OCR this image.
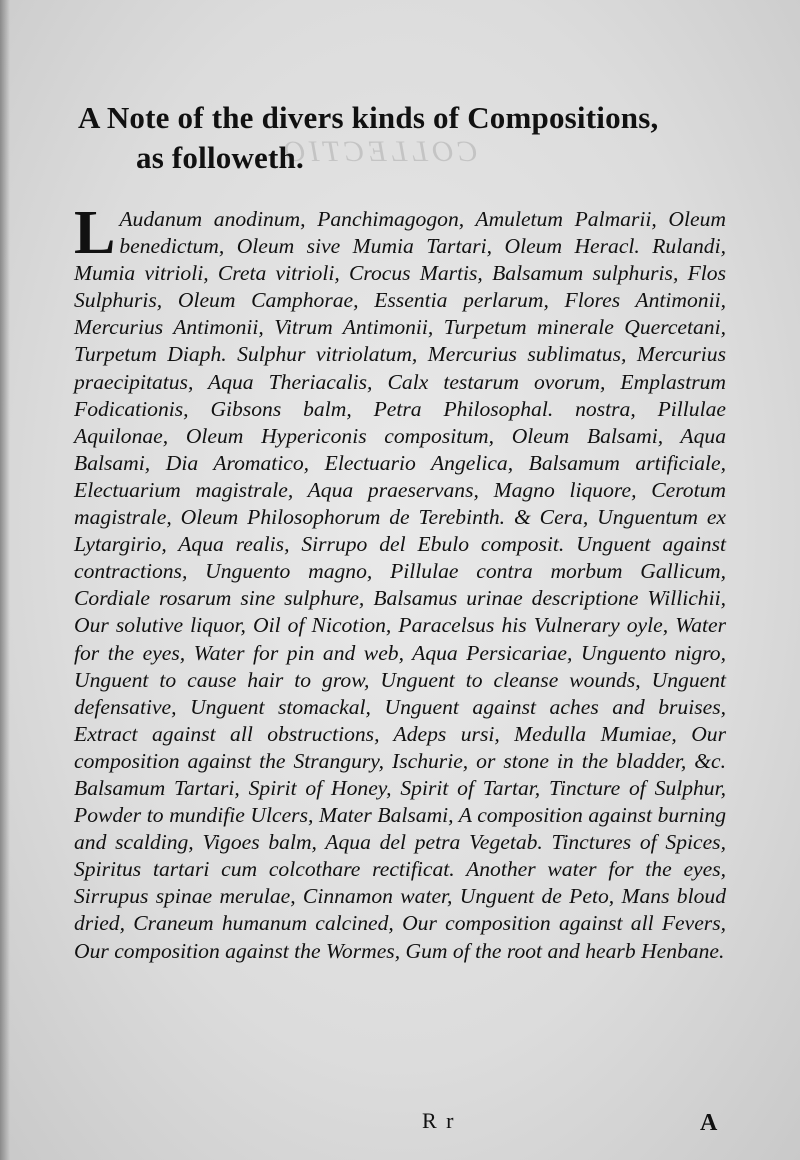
COLLECTIO
A Note of the divers kinds of Compositions,
as followeth.
L Audanum anodinum, Panchimagogon, Amuletum Palmarii, Oleum benedictum, Oleum sive Mumia Tartari, Oleum Heracl. Rulandi, Mumia vitrioli, Creta vitrioli, Crocus Martis, Balsamum sulphuris, Flos Sulphuris, Oleum Camphorae, Essentia perlarum, Flores Antimonii, Mercurius Antimonii, Vitrum Antimonii, Turpetum minerale Quercetani, Turpetum Diaph. Sulphur vitriolatum, Mercurius sublimatus, Mercurius praecipitatus, Aqua Theriacalis, Calx testarum ovorum, Emplastrum Fodicationis, Gibsons balm, Petra Philosophal. nostra, Pillulae Aquilonae, Oleum Hypericonis compositum, Oleum Balsami, Aqua Balsami, Dia Aromatico, Electuario Angelica, Balsamum artificiale, Electuarium magistrale, Aqua praeservans, Magno liquore, Cerotum magistrale, Oleum Philosophorum de Terebinth. & Cera, Unguentum ex Lytargirio, Aqua realis, Sirrupo del Ebulo composit. Unguent against contractions, Unguento magno, Pillulae contra morbum Gallicum, Cordiale rosarum sine sulphure, Balsamus urinae descriptione Willichii, Our solutive liquor, Oil of Nicotion, Paracelsus his Vulnerary oyle, Water for the eyes, Water for pin and web, Aqua Persicariae, Unguento nigro, Unguent to cause hair to grow, Unguent to cleanse wounds, Unguent defensative, Unguent stomackal, Unguent against aches and bruises, Extract against all obstructions, Adeps ursi, Medulla Mumiae, Our composition against the Strangury, Ischurie, or stone in the bladder, &c. Balsamum Tartari, Spirit of Honey, Spirit of Tartar, Tincture of Sulphur, Powder to mundifie Ulcers, Mater Balsami, A composition against burning and scalding, Vigoes balm, Aqua del petra Vegetab. Tinctures of Spices, Spiritus tartari cum colcothare rectificat. Another water for the eyes, Sirrupus spinae merulae, Cinnamon water, Unguent de Peto, Mans bloud dried, Craneum humanum calcined, Our composition against all Fevers, Our composition against the Wormes, Gum of the root and hearb Henbane.
R r	A
